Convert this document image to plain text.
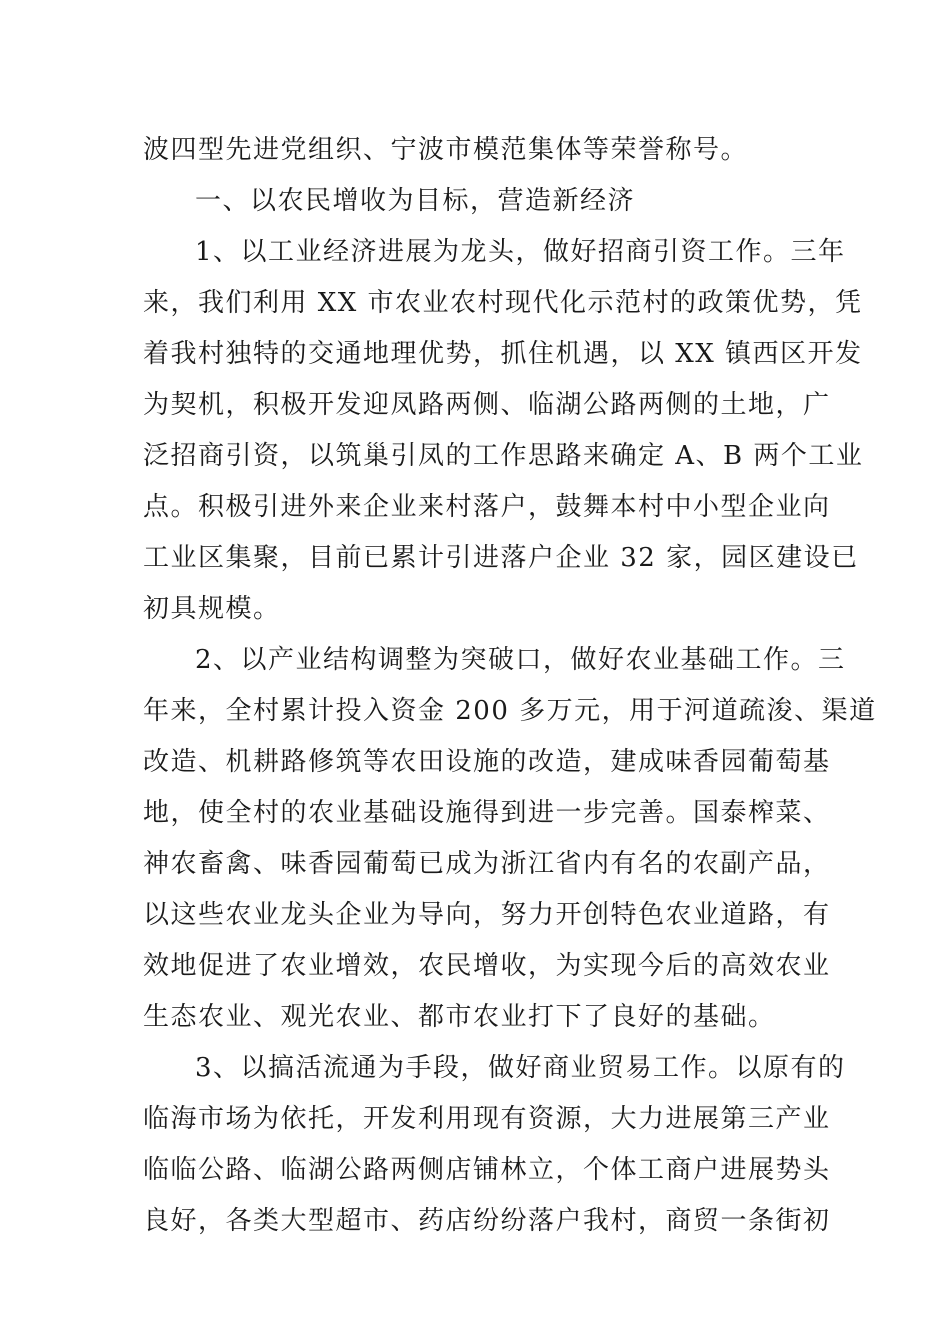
波四型先进党组织、宁波市模范集体等荣誉称号。
一、以农民增收为目标，营造新经济
1、以工业经济进展为龙头，做好招商引资工作。三年
来，我们利用 XX 市农业农村现代化示范村的政策优势，凭
着我村独特的交通地理优势，抓住机遇，以 XX 镇西区开发
为契机，积极开发迎凤路两侧、临湖公路两侧的土地，广
泛招商引资，以筑巢引凤的工作思路来确定 A、B 两个工业
点。积极引进外来企业来村落户，鼓舞本村中小型企业向
工业区集聚，目前已累计引进落户企业 32 家，园区建设已
初具规模。
2、以产业结构调整为突破口，做好农业基础工作。三
年来，全村累计投入资金 200 多万元，用于河道疏浚、渠道
改造、机耕路修筑等农田设施的改造，建成味香园葡萄基
地，使全村的农业基础设施得到进一步完善。国泰榨菜、
神农畜禽、味香园葡萄已成为浙江省内有名的农副产品，
以这些农业龙头企业为导向，努力开创特色农业道路，有
效地促进了农业增效，农民增收，为实现今后的高效农业
生态农业、观光农业、都市农业打下了良好的基础。
3、以搞活流通为手段，做好商业贸易工作。以原有的
临海市场为依托，开发利用现有资源，大力进展第三产业
临临公路、临湖公路两侧店铺林立，个体工商户进展势头
良好，各类大型超市、药店纷纷落户我村，商贸一条街初
